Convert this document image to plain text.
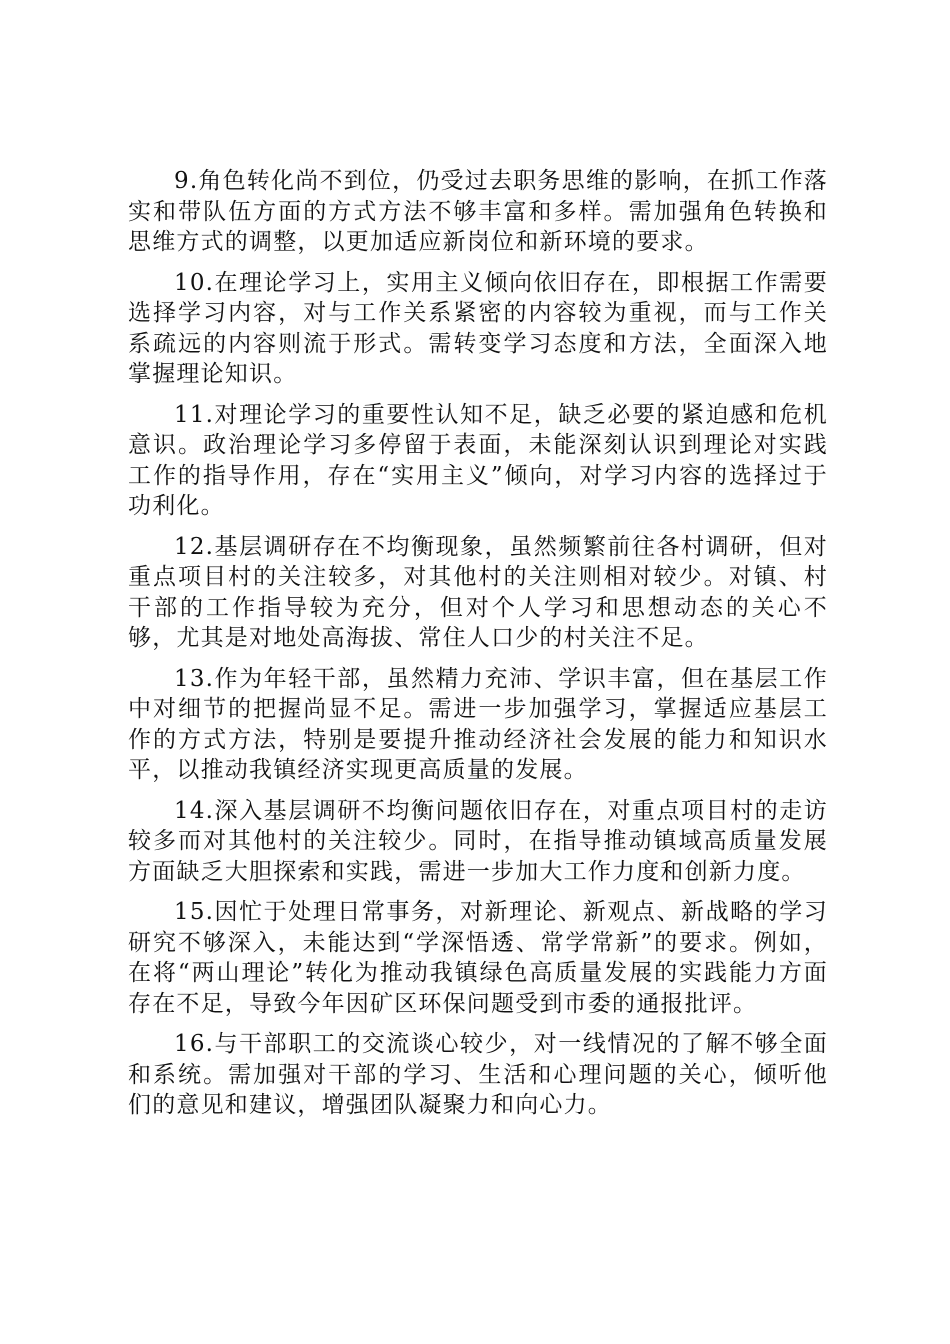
9.角色转化尚不到位，仍受过去职务思维的影响，在抓工作落实和带队伍方面的方式方法不够丰富和多样。需加强角色转换和思维方式的调整，以更加适应新岗位和新环境的要求。

10.在理论学习上，实用主义倾向依旧存在，即根据工作需要选择学习内容，对与工作关系紧密的内容较为重视，而与工作关系疏远的内容则流于形式。需转变学习态度和方法，全面深入地掌握理论知识。

11.对理论学习的重要性认知不足，缺乏必要的紧迫感和危机意识。政治理论学习多停留于表面，未能深刻认识到理论对实践工作的指导作用，存在“实用主义”倾向，对学习内容的选择过于功利化。

12.基层调研存在不均衡现象，虽然频繁前往各村调研，但对重点项目村的关注较多，对其他村的关注则相对较少。对镇、村干部的工作指导较为充分，但对个人学习和思想动态的关心不够，尤其是对地处高海拔、常住人口少的村关注不足。

13.作为年轻干部，虽然精力充沛、学识丰富，但在基层工作中对细节的把握尚显不足。需进一步加强学习，掌握适应基层工作的方式方法，特别是要提升推动经济社会发展的能力和知识水平，以推动我镇经济实现更高质量的发展。

14.深入基层调研不均衡问题依旧存在，对重点项目村的走访较多而对其他村的关注较少。同时，在指导推动镇域高质量发展方面缺乏大胆探索和实践，需进一步加大工作力度和创新力度。

15.因忙于处理日常事务，对新理论、新观点、新战略的学习研究不够深入，未能达到“学深悟透、常学常新”的要求。例如，在将“两山理论”转化为推动我镇绿色高质量发展的实践能力方面存在不足，导致今年因矿区环保问题受到市委的通报批评。

16.与干部职工的交流谈心较少，对一线情况的了解不够全面和系统。需加强对干部的学习、生活和心理问题的关心，倾听他们的意见和建议，增强团队凝聚力和向心力。
